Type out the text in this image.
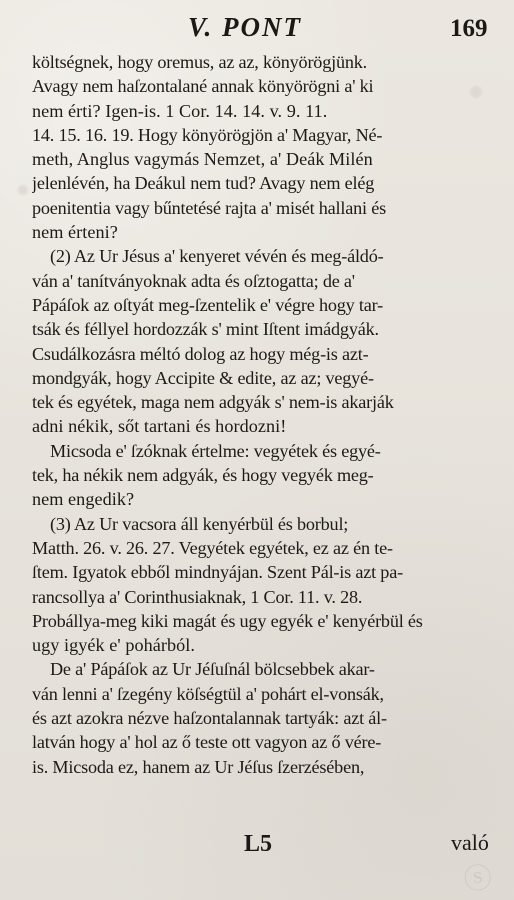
V. PONT	169
költségnek, hogy oremus, az az, könyörögjünk.
Avagy nem haſzontalané annak könyörögni a' ki
nem érti? Igen-is. 1 Cor. 14. 14. v. 9. 11.
14. 15. 16. 19. Hogy könyörögjön a' Magyar, Né-
meth, Anglus vagymás Nemzet, a' Deák Milén
jelenlévén, ha Deákul nem tud? Avagy nem elég
poenitentia vagy bűntetésé rajta a' misét hallani és
nem érteni?
(2) Az Ur Jésus a' kenyeret vévén és meg-áldó-
ván a' tanítványoknak adta és oſztogatta; de a'
Pápáſok az oſtyát meg-ſzentelik e' végre hogy tar-
tsák és féllyel hordozzák s' mint Iſtent imádgyák.
Csudálkozásra méltó dolog az hogy még-is azt-
mondgyák, hogy Accipite & edite, az az; vegyé-
tek és egyétek, maga nem adgyák s' nem-is akarják
adni nékik, sőt tartani és hordozni!
Micsoda e' ſzóknak értelme: vegyétek és egyé-
tek, ha nékik nem adgyák, és hogy vegyék meg-
nem engedik?
(3) Az Ur vacsora áll kenyérbül és borbul;
Matth. 26. v. 26. 27. Vegyétek egyétek, ez az én te-
ſtem. Igyatok ebből mindnyájan. Szent Pál-is azt pa-
rancsollya a' Corinthusiaknak, 1 Cor. 11. v. 28.
Probállya-meg kiki magát és ugy egyék e' kenyérbül és
ugy igyék e' pohárból.
De a' Pápáſok az Ur Jéſuſnál bölcsebbek akar-
ván lenni a' ſzegény köſségtül a' pohárt el-vonsák,
és azt azokra nézve haſzontalannak tartyák: azt ál-
latván hogy a' hol az ő teste ott vagyon az ő vére-
is. Micsoda ez, hanem az Ur Jéſus ſzerzésében,
L5	való
ⓢ
